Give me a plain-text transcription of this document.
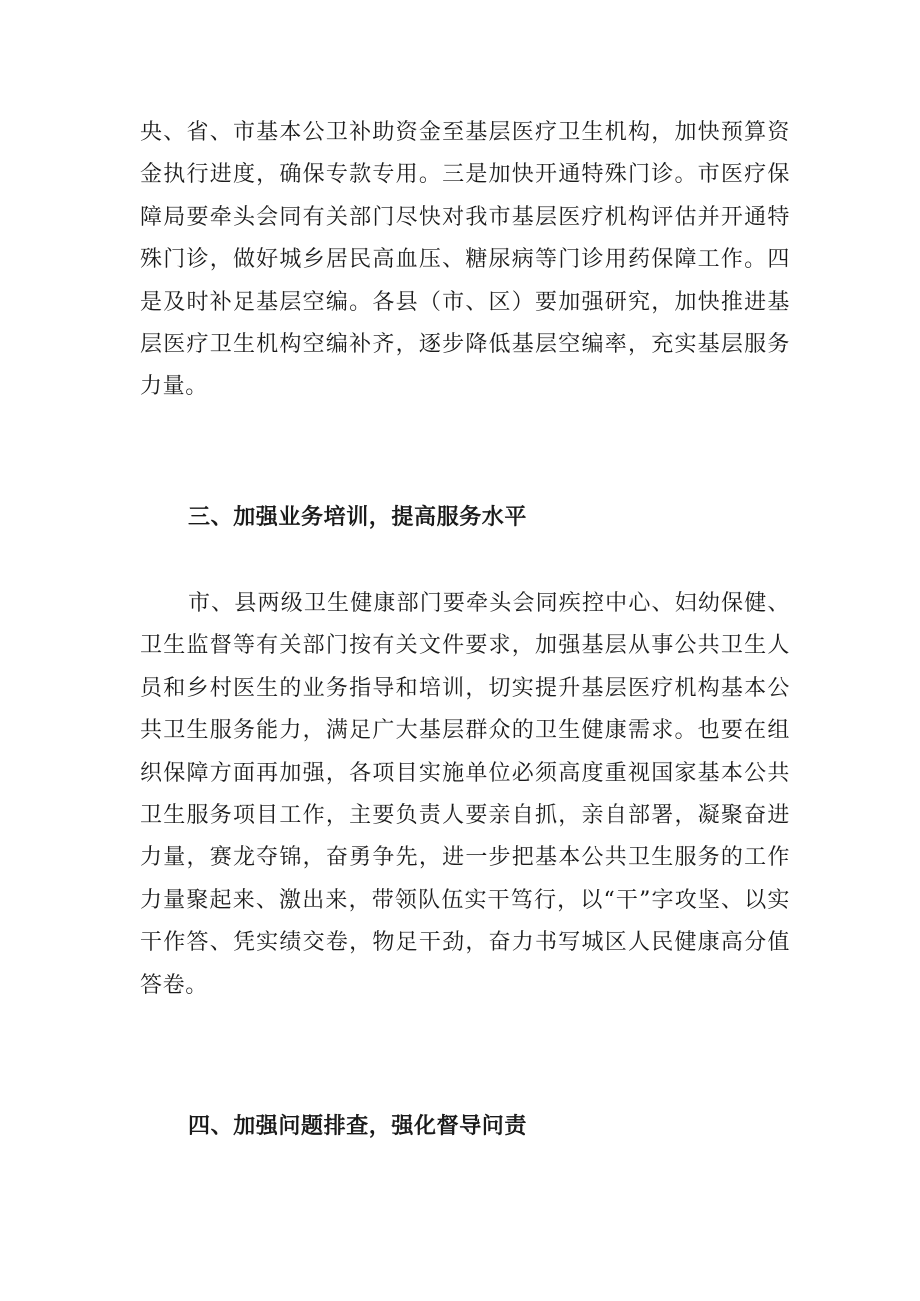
央、省、市基本公卫补助资金至基层医疗卫生机构，加快预算资金执行进度，确保专款专用。三是加快开通特殊门诊。市医疗保障局要牵头会同有关部门尽快对我市基层医疗机构评估并开通特殊门诊，做好城乡居民高血压、糖尿病等门诊用药保障工作。四是及时补足基层空编。各县（市、区）要加强研究，加快推进基层医疗卫生机构空编补齐，逐步降低基层空编率，充实基层服务力量。

三、加强业务培训，提高服务水平

市、县两级卫生健康部门要牵头会同疾控中心、妇幼保健、卫生监督等有关部门按有关文件要求，加强基层从事公共卫生人员和乡村医生的业务指导和培训，切实提升基层医疗机构基本公共卫生服务能力，满足广大基层群众的卫生健康需求。也要在组织保障方面再加强，各项目实施单位必须高度重视国家基本公共卫生服务项目工作，主要负责人要亲自抓，亲自部署，凝聚奋进力量，赛龙夺锦，奋勇争先，进一步把基本公共卫生服务的工作力量聚起来、激出来，带领队伍实干笃行，以“干”字攻坚、以实干作答、凭实绩交卷，物足干劲，奋力书写城区人民健康高分值答卷。

四、加强问题排查，强化督导问责
